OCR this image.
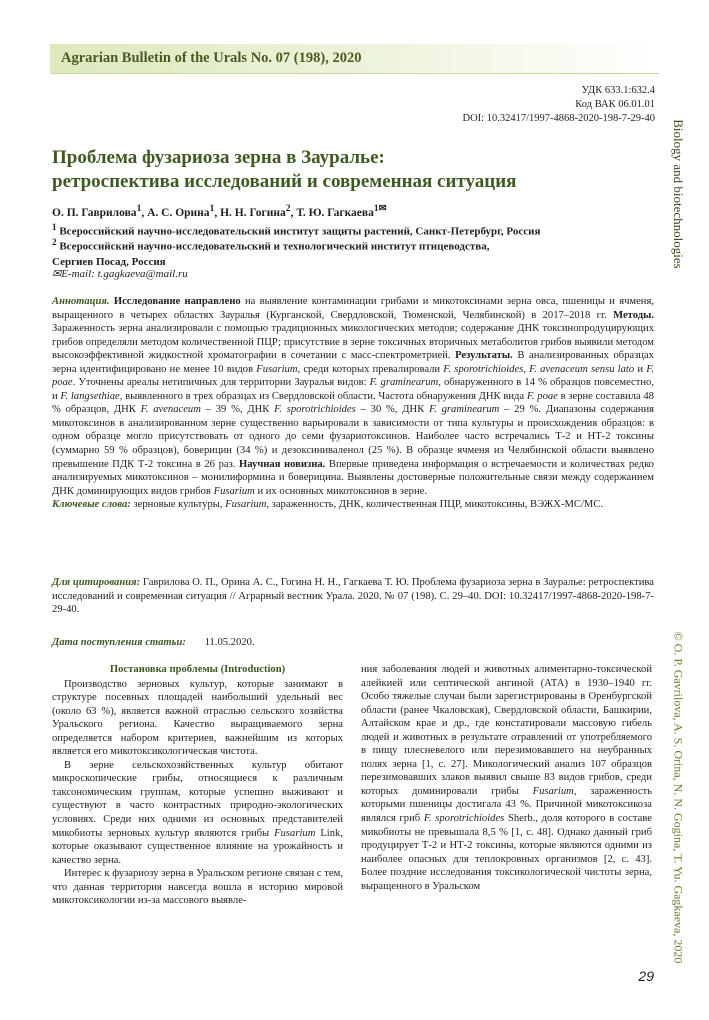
Agrarian Bulletin of the Urals No. 07 (198), 2020
УДК 633.1:632.4
Код ВАК 06.01.01
DOI: 10.32417/1997-4868-2020-198-7-29-40
Biology and biotechnologies
© O. P. Gavrilova, A. S. Orina, N. N. Gogina, T. Yu. Gagkaeva, 2020
Проблема фузариоза зерна в Зауралье:
ретроспектива исследований и современная ситуация
О. П. Гаврилова$^1$, А. С. Орина$^1$, Н. Н. Гогина$^2$, Т. Ю. Гагкаева$^{1✉}$
$^1$ Всероссийский научно-исследовательский институт защиты растений, Санкт-Петербург, Россия
$^2$ Всероссийский научно-исследовательский и технологический институт птицеводства,
Сергиев Посад, Россия
✉E-mail: t.gagkaeva@mail.ru
Аннотация. Исследование направлено на выявление контаминации грибами и микотоксинами зерна овса, пшеницы и ячменя, выращенного в четырех областях Зауралья (Курганской, Свердловской, Тюменской, Челябинской) в 2017–2018 гг. Методы. Зараженность зерна анализировали с помощью традиционных микологических методов; содержание ДНК токсинопродуцирующих грибов определяли методом количественной ПЦР; присутствие в зерне токсичных вторичных метаболитов грибов выявили методом высокоэффективной жидкостной хроматографии в сочетании с масс-спектрометрией. Результаты. В анализированных образцах зерна идентифицировано не менее 10 видов Fusarium, среди которых превалировали F. sporotrichioides, F. avenaceum sensu lato и F. poae. Уточнены ареалы нетипичных для территории Зауралья видов: F. graminearum, обнаруженного в 14 % образцов повсеместно, и F. langsethiae, выявленного в трех образцах из Свердловской области. Частота обнаружения ДНК вида F. poae в зерне составила 48 % образцов, ДНК F. avenaceum – 39 %, ДНК F. sporotrichioides – 30 %, ДНК F. graminearum – 29 %. Диапазоны содержания микотоксинов в анализированном зерне существенно варьировали в зависимости от типа культуры и происхождения образцов: в одном образце могло присутствовать от одного до семи фузариотоксинов. Наиболее часто встречались Т-2 и НТ-2 токсины (суммарно 59 % образцов), боверицин (34 %) и дезоксиниваленол (25 %). В образце ячменя из Челябинской области выявлено превышение ПДК Т-2 токсина в 26 раз. Научная новизна. Впервые приведена информация о встречаемости и количествах редко анализируемых микотоксинов – монилиформина и боверицина. Выявлены достоверные положительные связи между содержанием ДНК доминирующих видов грибов Fusarium и их основных микотоксинов в зерне.
Ключевые слова: зерновые культуры, Fusarium, зараженность, ДНК, количественная ПЦР, микотоксины, ВЭЖХ-МС/МС.
Для цитирования: Гаврилова О. П., Орина А. С., Гогина Н. Н., Гагкаева Т. Ю. Проблема фузариоза зерна в Зауралье: ретроспектива исследований и современная ситуация // Аграрный вестник Урала. 2020. № 07 (198). С. 29–40. DOI: 10.32417/1997-4868-2020-198-7-29-40.
Дата поступления статьи: 11.05.2020.
Постановка проблемы (Introduction)

Производство зерновых культур, которые занимают в структуре посевных площадей наибольший удельный вес (около 63 %), является важной отраслью сельского хозяйства Уральского региона. Качество выращиваемого зерна определяется набором критериев, важнейшим из которых является его микотоксикологическая чистота.

В зерне сельскохозяйственных культур обитают микроскопические грибы, относящиеся к различным таксономическим группам, которые успешно выживают и существуют в часто контрастных природно-экологических условиях. Среди них одними из основных представителей микобиоты зерновых культур являются грибы Fusarium Link, которые оказывают существенное влияние на урожайность и качество зерна.

Интерес к фузариозу зерна в Уральском регионе связан с тем, что данная территория навсегда вошла в историю мировой микотоксикологии из-за массового выявле-

ния заболевания людей и животных алиментарно-токсической алейкией или септической ангиной (АТА) в 1930–1940 гг. Особо тяжелые случаи были зарегистрированы в Оренбургской области (ранее Чкаловская), Свердловской области, Башкирии, Алтайском крае и др., где констатировали массовую гибель людей и животных в результате отравлений от употребляемого в пищу плесневелого или перезимовавшего на неубранных полях зерна [1, с. 27]. Микологический анализ 107 образцов перезимовавших злаков выявил свыше 83 видов грибов, среди которых доминировали грибы Fusarium, зараженность которыми пшеницы достигала 43 %. Причиной микотоксикоза являлся гриб F. sporotrichioides Sherb., доля которого в составе микобиоты не превышала 8,5 % [1, с. 48]. Однако данный гриб продуцирует Т-2 и НТ-2 токсины, которые являются одними из наиболее опасных для теплокровных организмов [2, с. 43]. Более поздние исследования токсикологической чистоты зерна, выращенного в Уральском

29
